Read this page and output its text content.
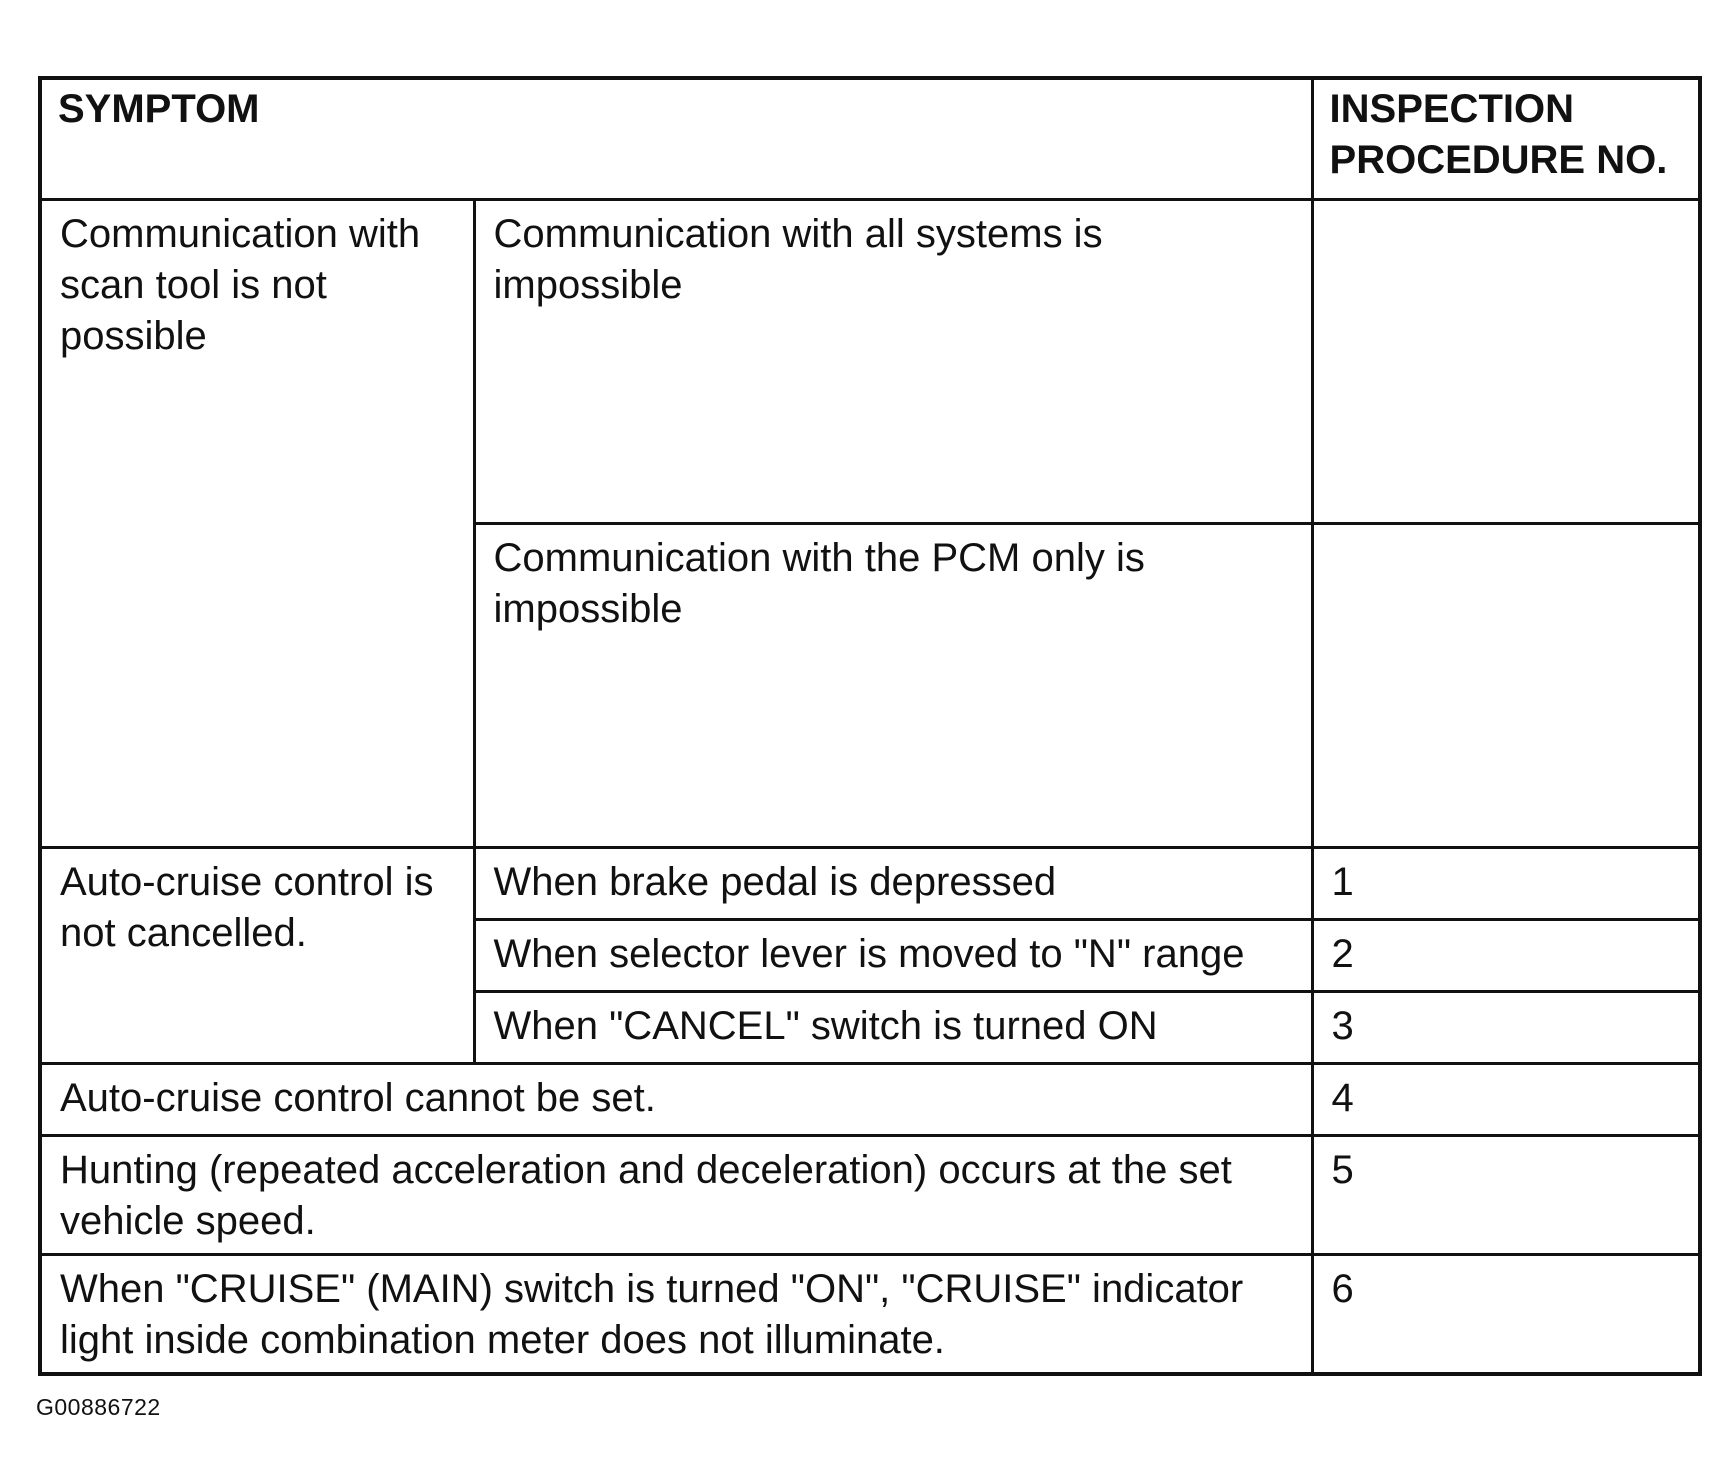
SYMPTOM		INSPECTION PROCEDURE NO.
Communication with scan tool is not possible	Communication with all systems is impossible	
	Communication with the PCM only is impossible	
Auto-cruise control is not cancelled.	When brake pedal is depressed	1
	When selector lever is moved to "N" range	2
	When "CANCEL" switch is turned ON	3
Auto-cruise control cannot be set.		4
Hunting (repeated acceleration and deceleration) occurs at the set vehicle speed.		5
When "CRUISE" (MAIN) switch is turned "ON", "CRUISE" indicator light inside combination meter does not illuminate.		6
G00886722
